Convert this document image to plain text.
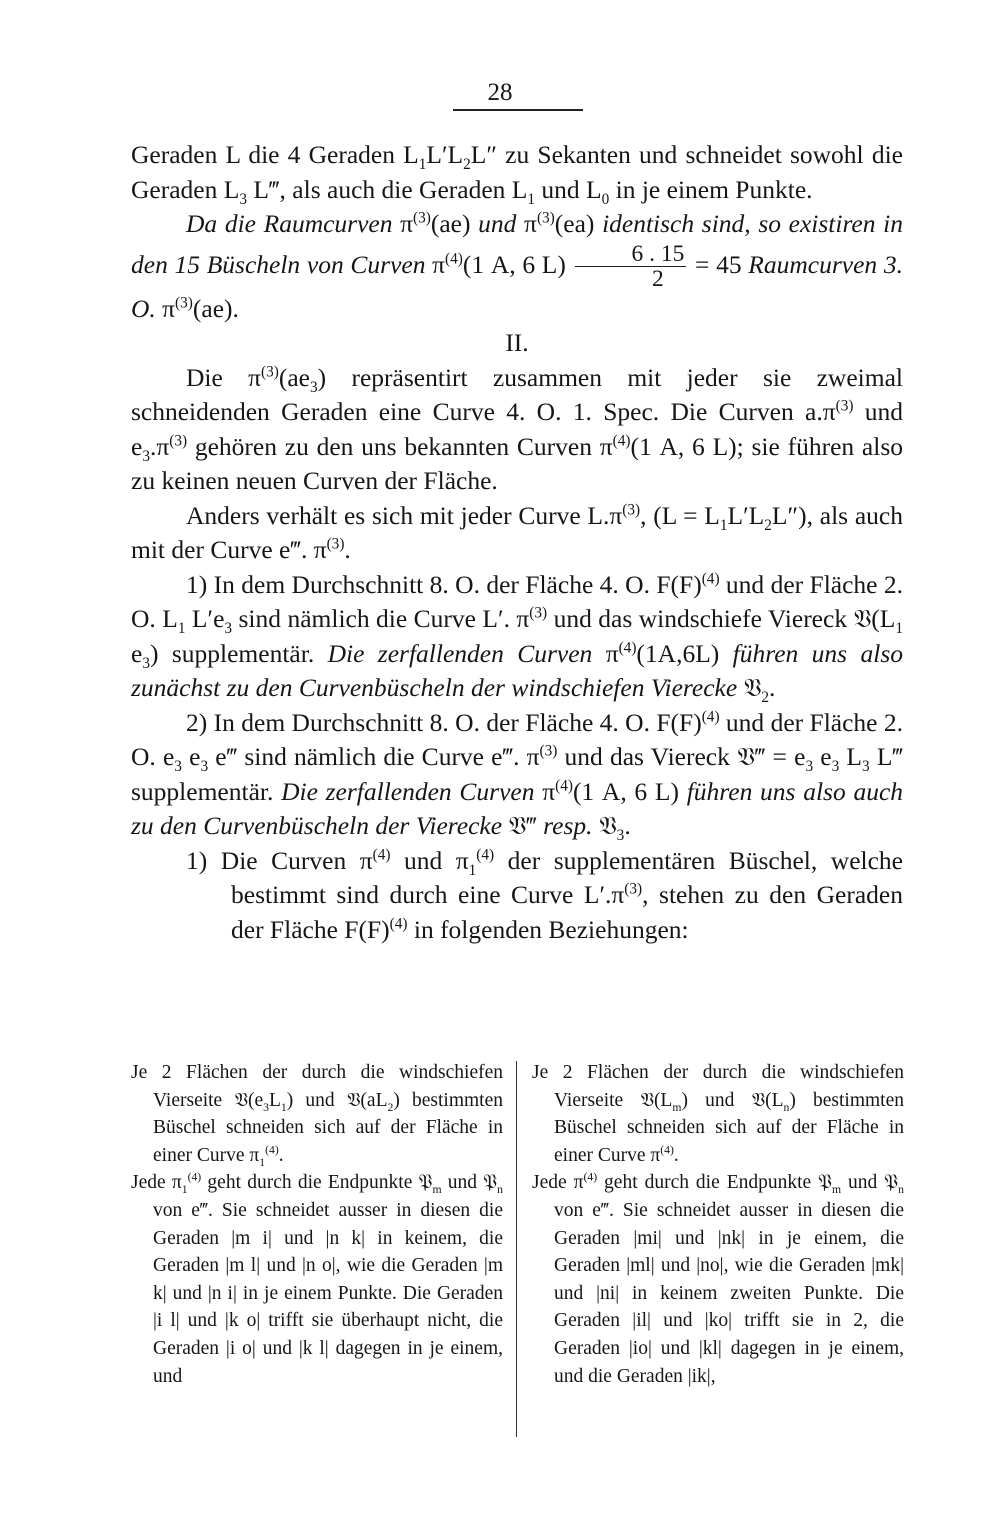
28

Geraden L die 4 Geraden $L_1L'L_2L''$ zu Sekanten und schneidet sowohl die Geraden $L_3$ L‴, als auch die Geraden $L_1$ und $L_0$ in je einem Punkte.

Da die Raumcurven $\pi^{(3)}(ae)$ und $\pi^{(3)}(ea)$ identisch sind, so existiren in den 15 Büscheln von Curven $\pi^{(4)}(1$ A, 6 $L) \frac{6 . 15}{2} = 45$ Raumcurven 3. O. $\pi^{(3)}(ae)$.

II.

Die $\pi^{(3)}(ae_3)$ repräsentirt zusammen mit jeder sie zweimal schneidenden Geraden eine Curve 4. O. 1. Spec. Die Curven $a.\pi^{(3)}$ und $e_3.\pi^{(3)}$ gehören zu den uns bekannten Curven $\pi^{(4)}(1$ A, 6 L); sie führen also zu keinen neuen Curven der Fläche.

Anders verhält es sich mit jeder Curve $L.\pi^{(3)}$, $(L = L_1L'L_2L'')$, als auch mit der Curve e‴. $\pi^{(3)}$.

1) In dem Durchschnitt 8. O. der Fläche 4. O. $F(F)^{(4)}$ und der Fläche 2. O. $L_1$ $L'e_3$ sind nämlich die Curve L′. $\pi^{(3)}$ und das windschiefe Viereck $𝔙(L_1$ $e_3$) supplementär. Die zerfallenden Curven $\pi^{(4)}(1A,6L)$ führen uns also zunächst zu den Curvenbüscheln der windschiefen Vierecke 𝔙$_2$.

2) In dem Durchschnitt 8. O. der Fläche 4. O. $F(F)^{(4)}$ und der Fläche 2. O. $e_3$ $e_3$ e‴ sind nämlich die Curve e‴. $\pi^{(3)}$ und das Viereck 𝔙‴ = $e_3$ $e_3$ $L_3$ L‴ supplementär. Die zerfallenden Curven $\pi^{(4)}(1$ A, 6 L) führen uns also auch zu den Curvenbüscheln der Vierecke 𝔙‴ resp. 𝔙$_3$.

1) Die Curven $\pi^{(4)}$ und $\pi_1^{(4)}$ der supplementären Büschel, welche bestimmt sind durch eine Curve $L'.\pi^{(3)}$, stehen zu den Geraden der Fläche $F(F)^{(4)}$ in folgenden Beziehungen:

Je 2 Flächen der durch die windschiefen Vierseite $𝔙(e_3L_1)$ und $𝔙(aL_2)$ bestimmten Büschel schneiden sich auf der Fläche in einer Curve $\pi_1^{(4)}$.

Jede $\pi_1^{(4)}$ geht durch die Endpunkte 𝔓$_m$ und 𝔓$_n$ von e‴. Sie schneidet ausser in diesen die Geraden |m i| und |n k| in keinem, die Geraden |m l| und |n o|, wie die Geraden |m k| und |n i| in je einem Punkte. Die Geraden |i l| und |k o| trifft sie überhaupt nicht, die Geraden |i o| und |k l| dagegen in je einem, und

Je 2 Flächen der durch die windschiefen Vierseite $𝔙(L_m)$ und $𝔙(L_n)$ bestimmten Büschel schneiden sich auf der Fläche in einer Curve $\pi^{(4)}$.

Jede $\pi^{(4)}$ geht durch die Endpunkte 𝔓$_m$ und 𝔓$_n$ von e‴. Sie schneidet ausser in diesen die Geraden |mi| und |nk| in je einem, die Geraden |ml| und |no|, wie die Geraden |mk| und |ni| in keinem zweiten Punkte. Die Geraden |il| und |ko| trifft sie in 2, die Geraden |io| und |kl| dagegen in je einem, und die Geraden |ik|,
